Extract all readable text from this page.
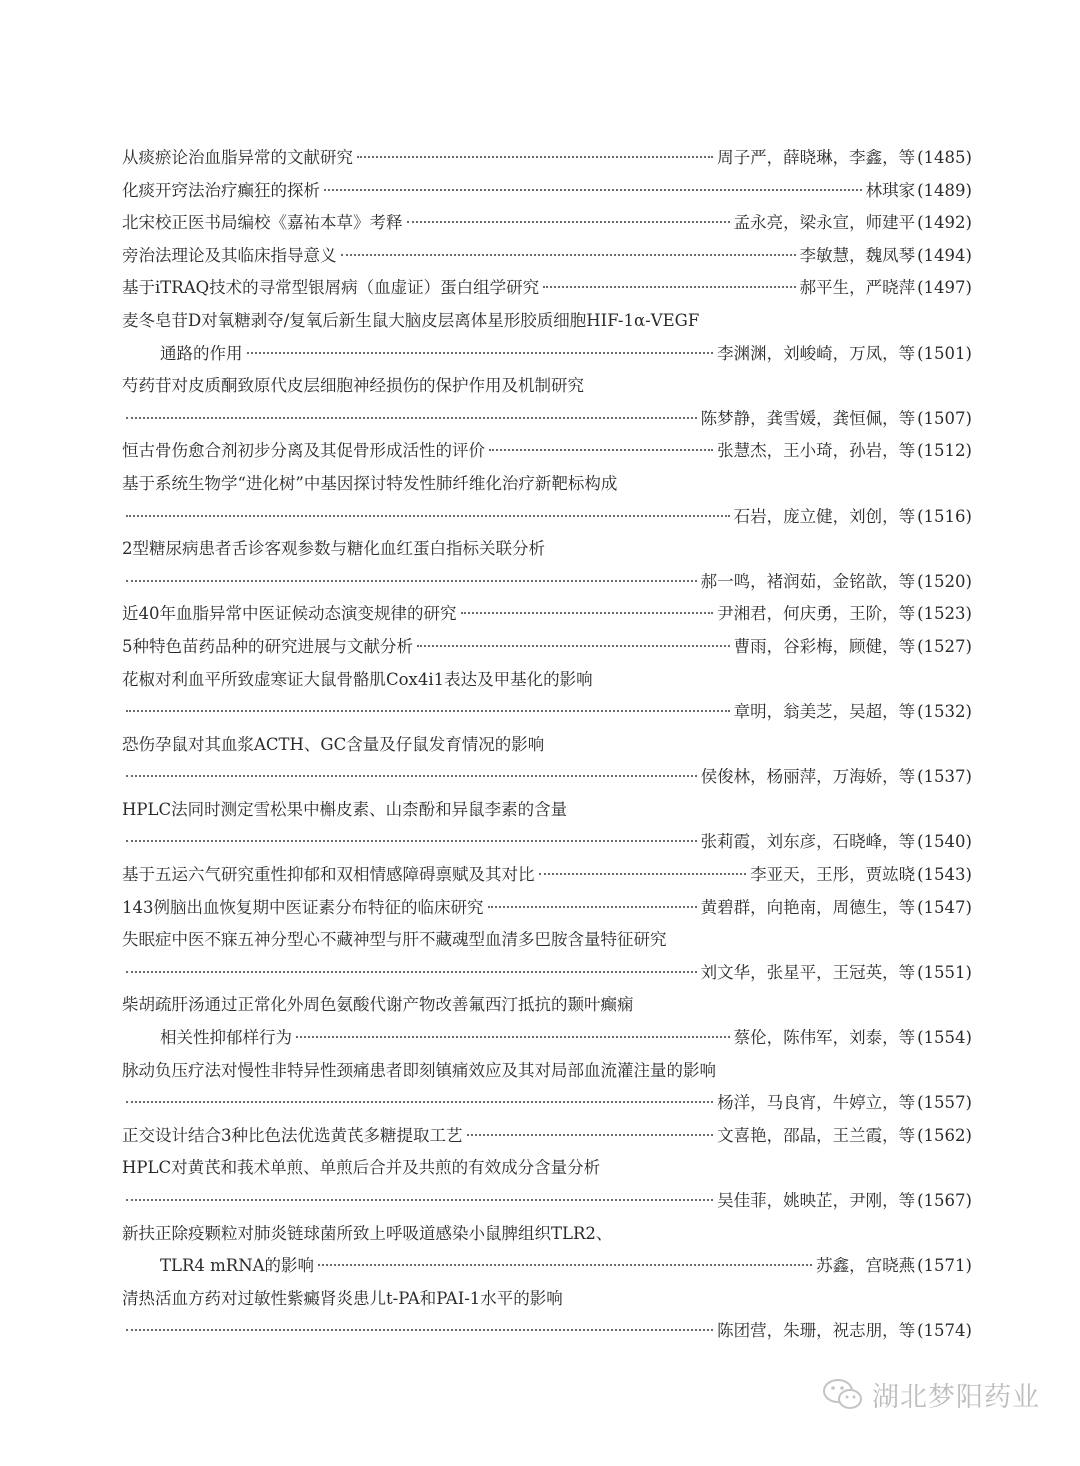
从痰瘀论治血脂异常的文献研究	周子严，薛晓琳，李鑫，等 (1485)
化痰开窍法治疗癫狂的探析	林琪家 (1489)
北宋校正医书局编校《嘉祐本草》考释	孟永亮，梁永宣，师建平 (1492)
旁治法理论及其临床指导意义	李敏慧，魏凤琴 (1494)
基于iTRAQ技术的寻常型银屑病（血虚证）蛋白组学研究	郝平生，严晓萍 (1497)
麦冬皂苷D对氧糖剥夺/复氧后新生鼠大脑皮层离体星形胶质细胞HIF-1α-VEGF
通路的作用	李渊渊，刘峻崎，万凤，等 (1501)
芍药苷对皮质酮致原代皮层细胞神经损伤的保护作用及机制研究
陈梦静，龚雪媛，龚恒佩，等 (1507)
恒古骨伤愈合剂初步分离及其促骨形成活性的评价	张慧杰，王小琦，孙岩，等 (1512)
基于系统生物学“进化树”中基因探讨特发性肺纤维化治疗新靶标构成
石岩，庞立健，刘创，等 (1516)
2型糖尿病患者舌诊客观参数与糖化血红蛋白指标关联分析
郝一鸣，褚润茹，金铭歆，等 (1520)
近40年血脂异常中医证候动态演变规律的研究	尹湘君，何庆勇，王阶，等 (1523)
5种特色苗药品种的研究进展与文献分析	曹雨，谷彩梅，顾健，等 (1527)
花椒对利血平所致虚寒证大鼠骨骼肌Cox4i1表达及甲基化的影响
章明，翁美芝，吴超，等 (1532)
恐伤孕鼠对其血浆ACTH、GC含量及仔鼠发育情况的影响
侯俊林，杨丽萍，万海娇，等 (1537)
HPLC法同时测定雪松果中槲皮素、山柰酚和异鼠李素的含量
张莉霞，刘东彦，石晓峰，等 (1540)
基于五运六气研究重性抑郁和双相情感障碍禀赋及其对比	李亚天，王彤，贾竑晓 (1543)
143例脑出血恢复期中医证素分布特征的临床研究	黄碧群，向艳南，周德生，等 (1547)
失眠症中医不寐五神分型心不藏神型与肝不藏魂型血清多巴胺含量特征研究
刘文华，张星平，王冠英，等 (1551)
柴胡疏肝汤通过正常化外周色氨酸代谢产物改善氟西汀抵抗的颞叶癫痫
相关性抑郁样行为	蔡伦，陈伟军，刘泰，等 (1554)
脉动负压疗法对慢性非特异性颈痛患者即刻镇痛效应及其对局部血流灌注量的影响
杨洋，马良宵，牛婷立，等 (1557)
正交设计结合3种比色法优选黄芪多糖提取工艺	文喜艳，邵晶，王兰霞，等 (1562)
HPLC对黄芪和莪术单煎、单煎后合并及共煎的有效成分含量分析
吴佳菲，姚映芷，尹刚，等 (1567)
新扶正除疫颗粒对肺炎链球菌所致上呼吸道感染小鼠脾组织TLR2、
TLR4 mRNA的影响	苏鑫，宫晓燕 (1571)
清热活血方药对过敏性紫癜肾炎患儿t-PA和PAI-1水平的影响
陈团营，朱珊，祝志朋，等 (1574)
湖北梦阳药业
